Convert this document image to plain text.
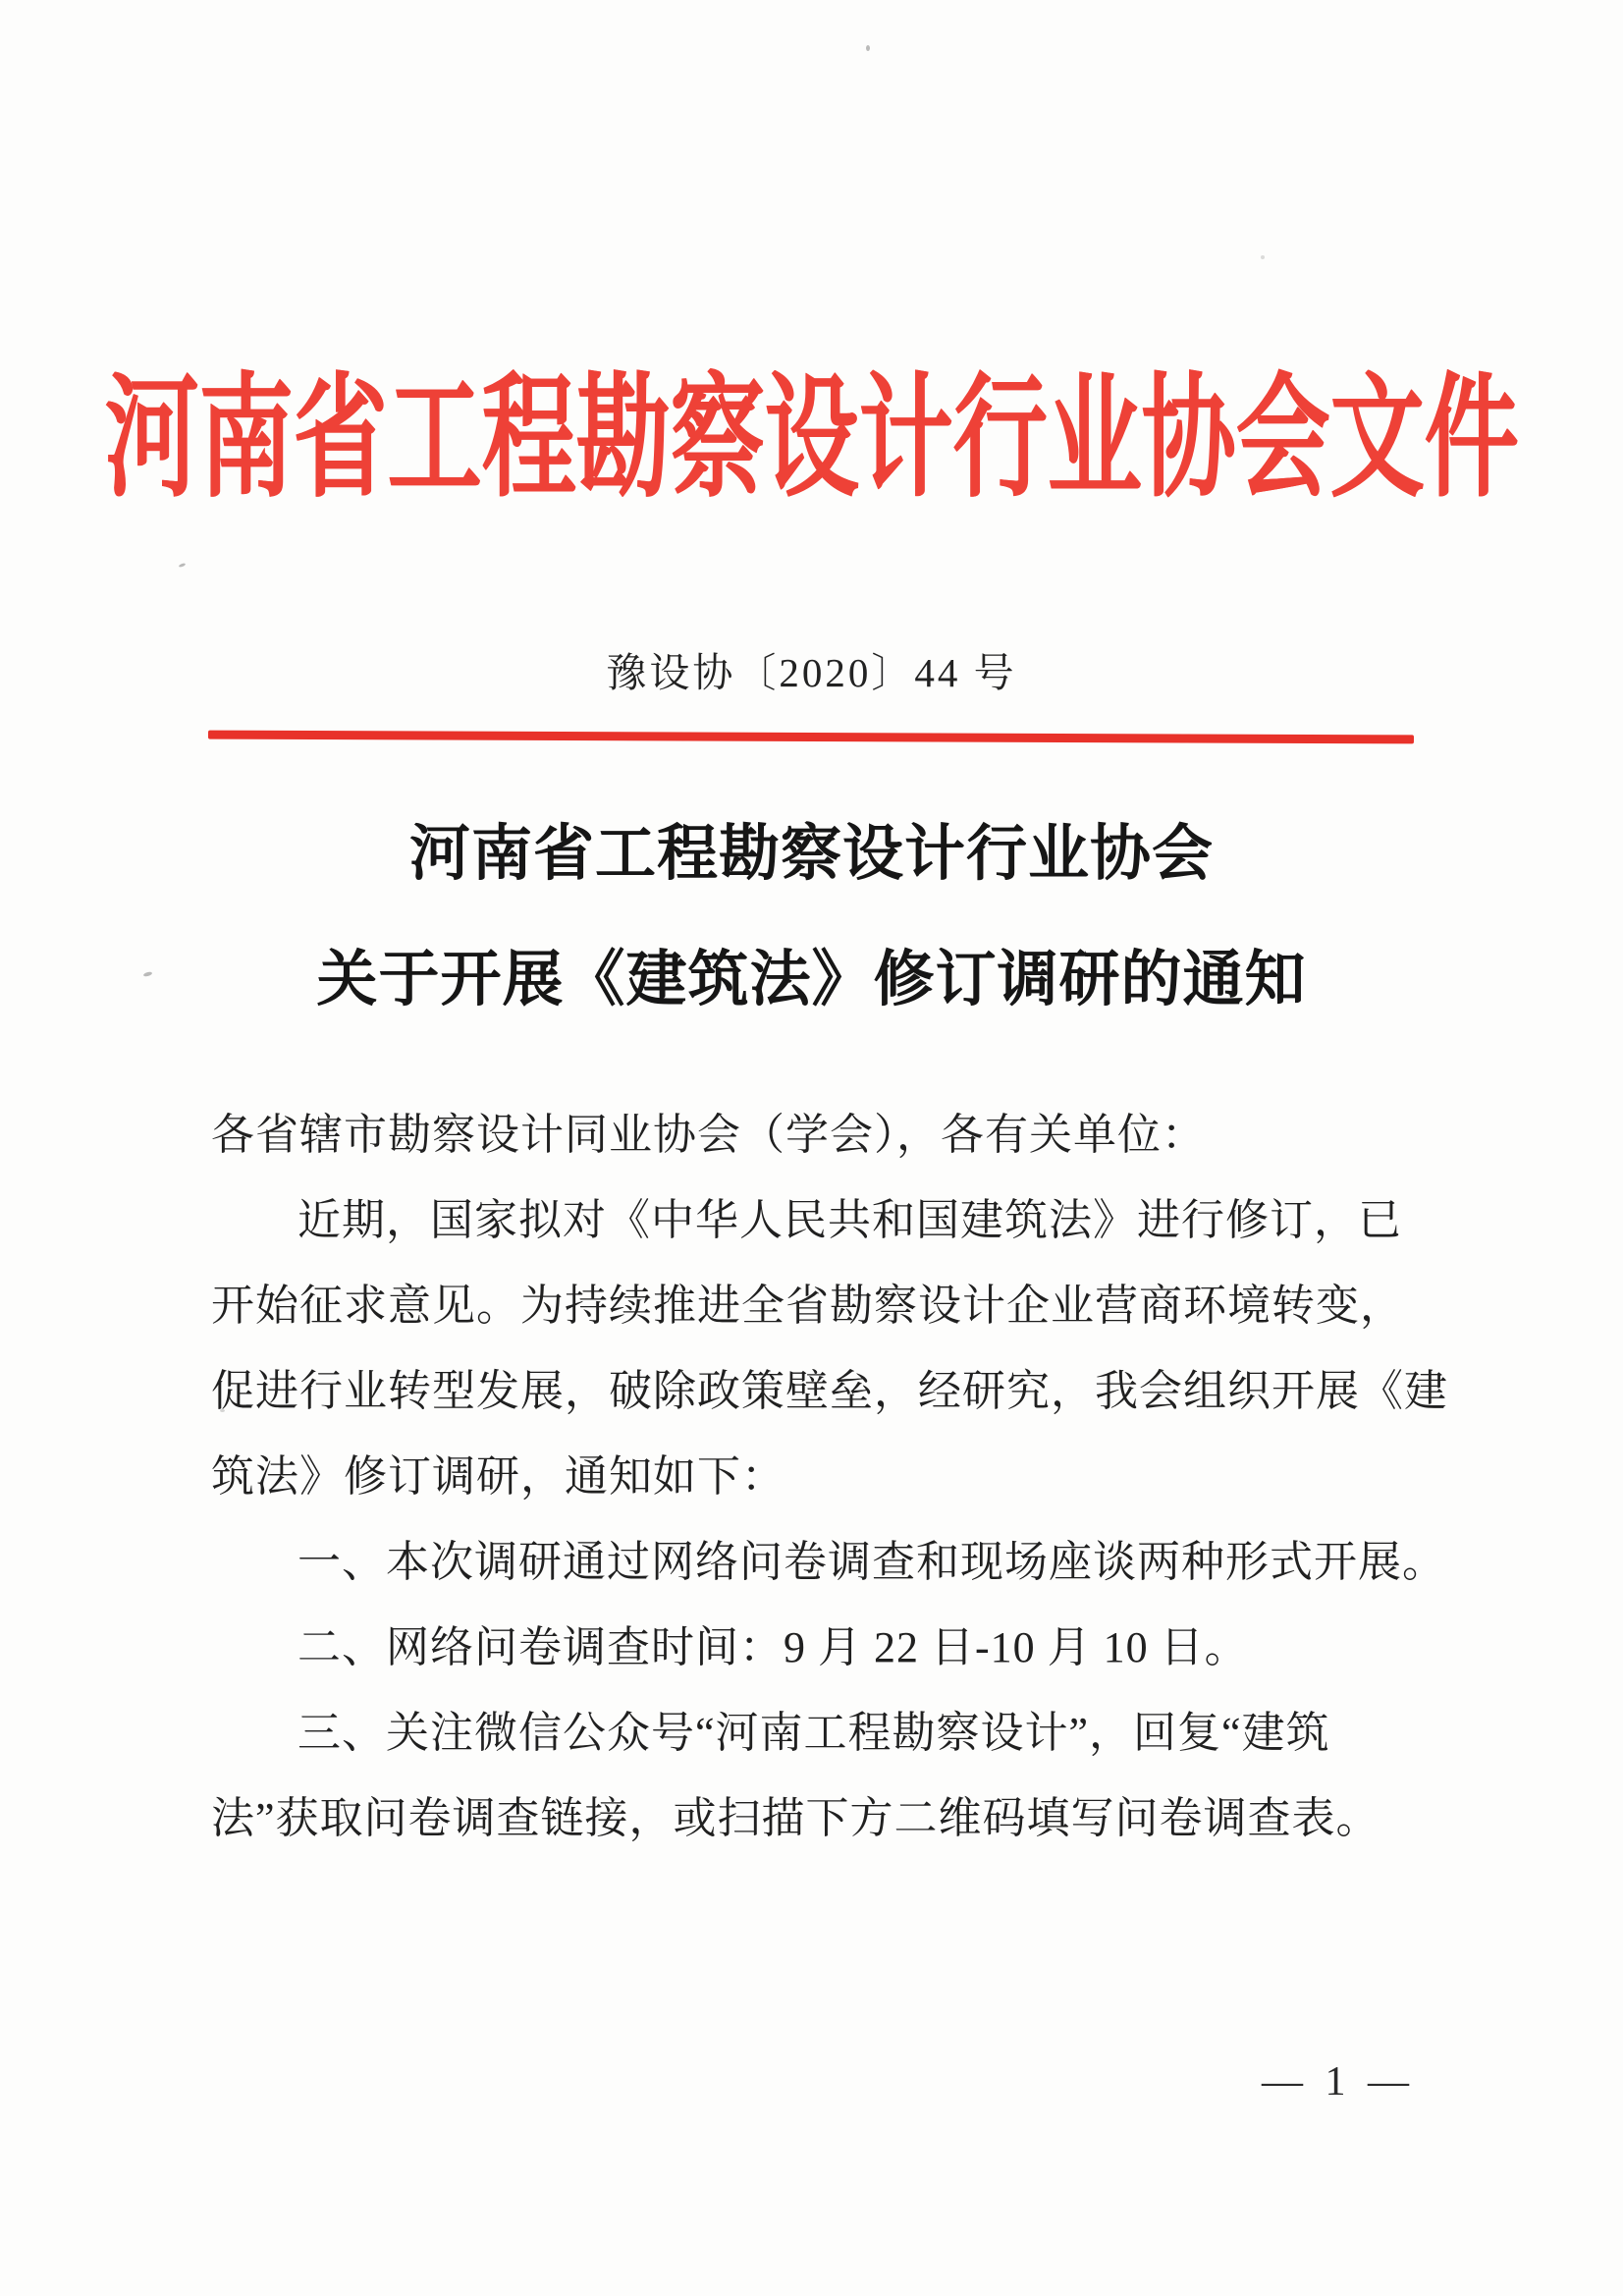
河南省工程勘察设计行业协会文件
豫设协〔2020〕44 号
河南省工程勘察设计行业协会
关于开展《建筑法》修订调研的通知
各省辖市勘察设计同业协会（学会），各有关单位：
近期，国家拟对《中华人民共和国建筑法》进行修订，已
开始征求意见。为持续推进全省勘察设计企业营商环境转变，
促进行业转型发展，破除政策壁垒，经研究，我会组织开展《建
筑法》修订调研，通知如下：
一、本次调研通过网络问卷调查和现场座谈两种形式开展。
二、网络问卷调查时间：9 月 22 日-10 月 10 日。
三、关注微信公众号“河南工程勘察设计”，回复“建筑
法”获取问卷调查链接，或扫描下方二维码填写问卷调查表。
— 1 —
